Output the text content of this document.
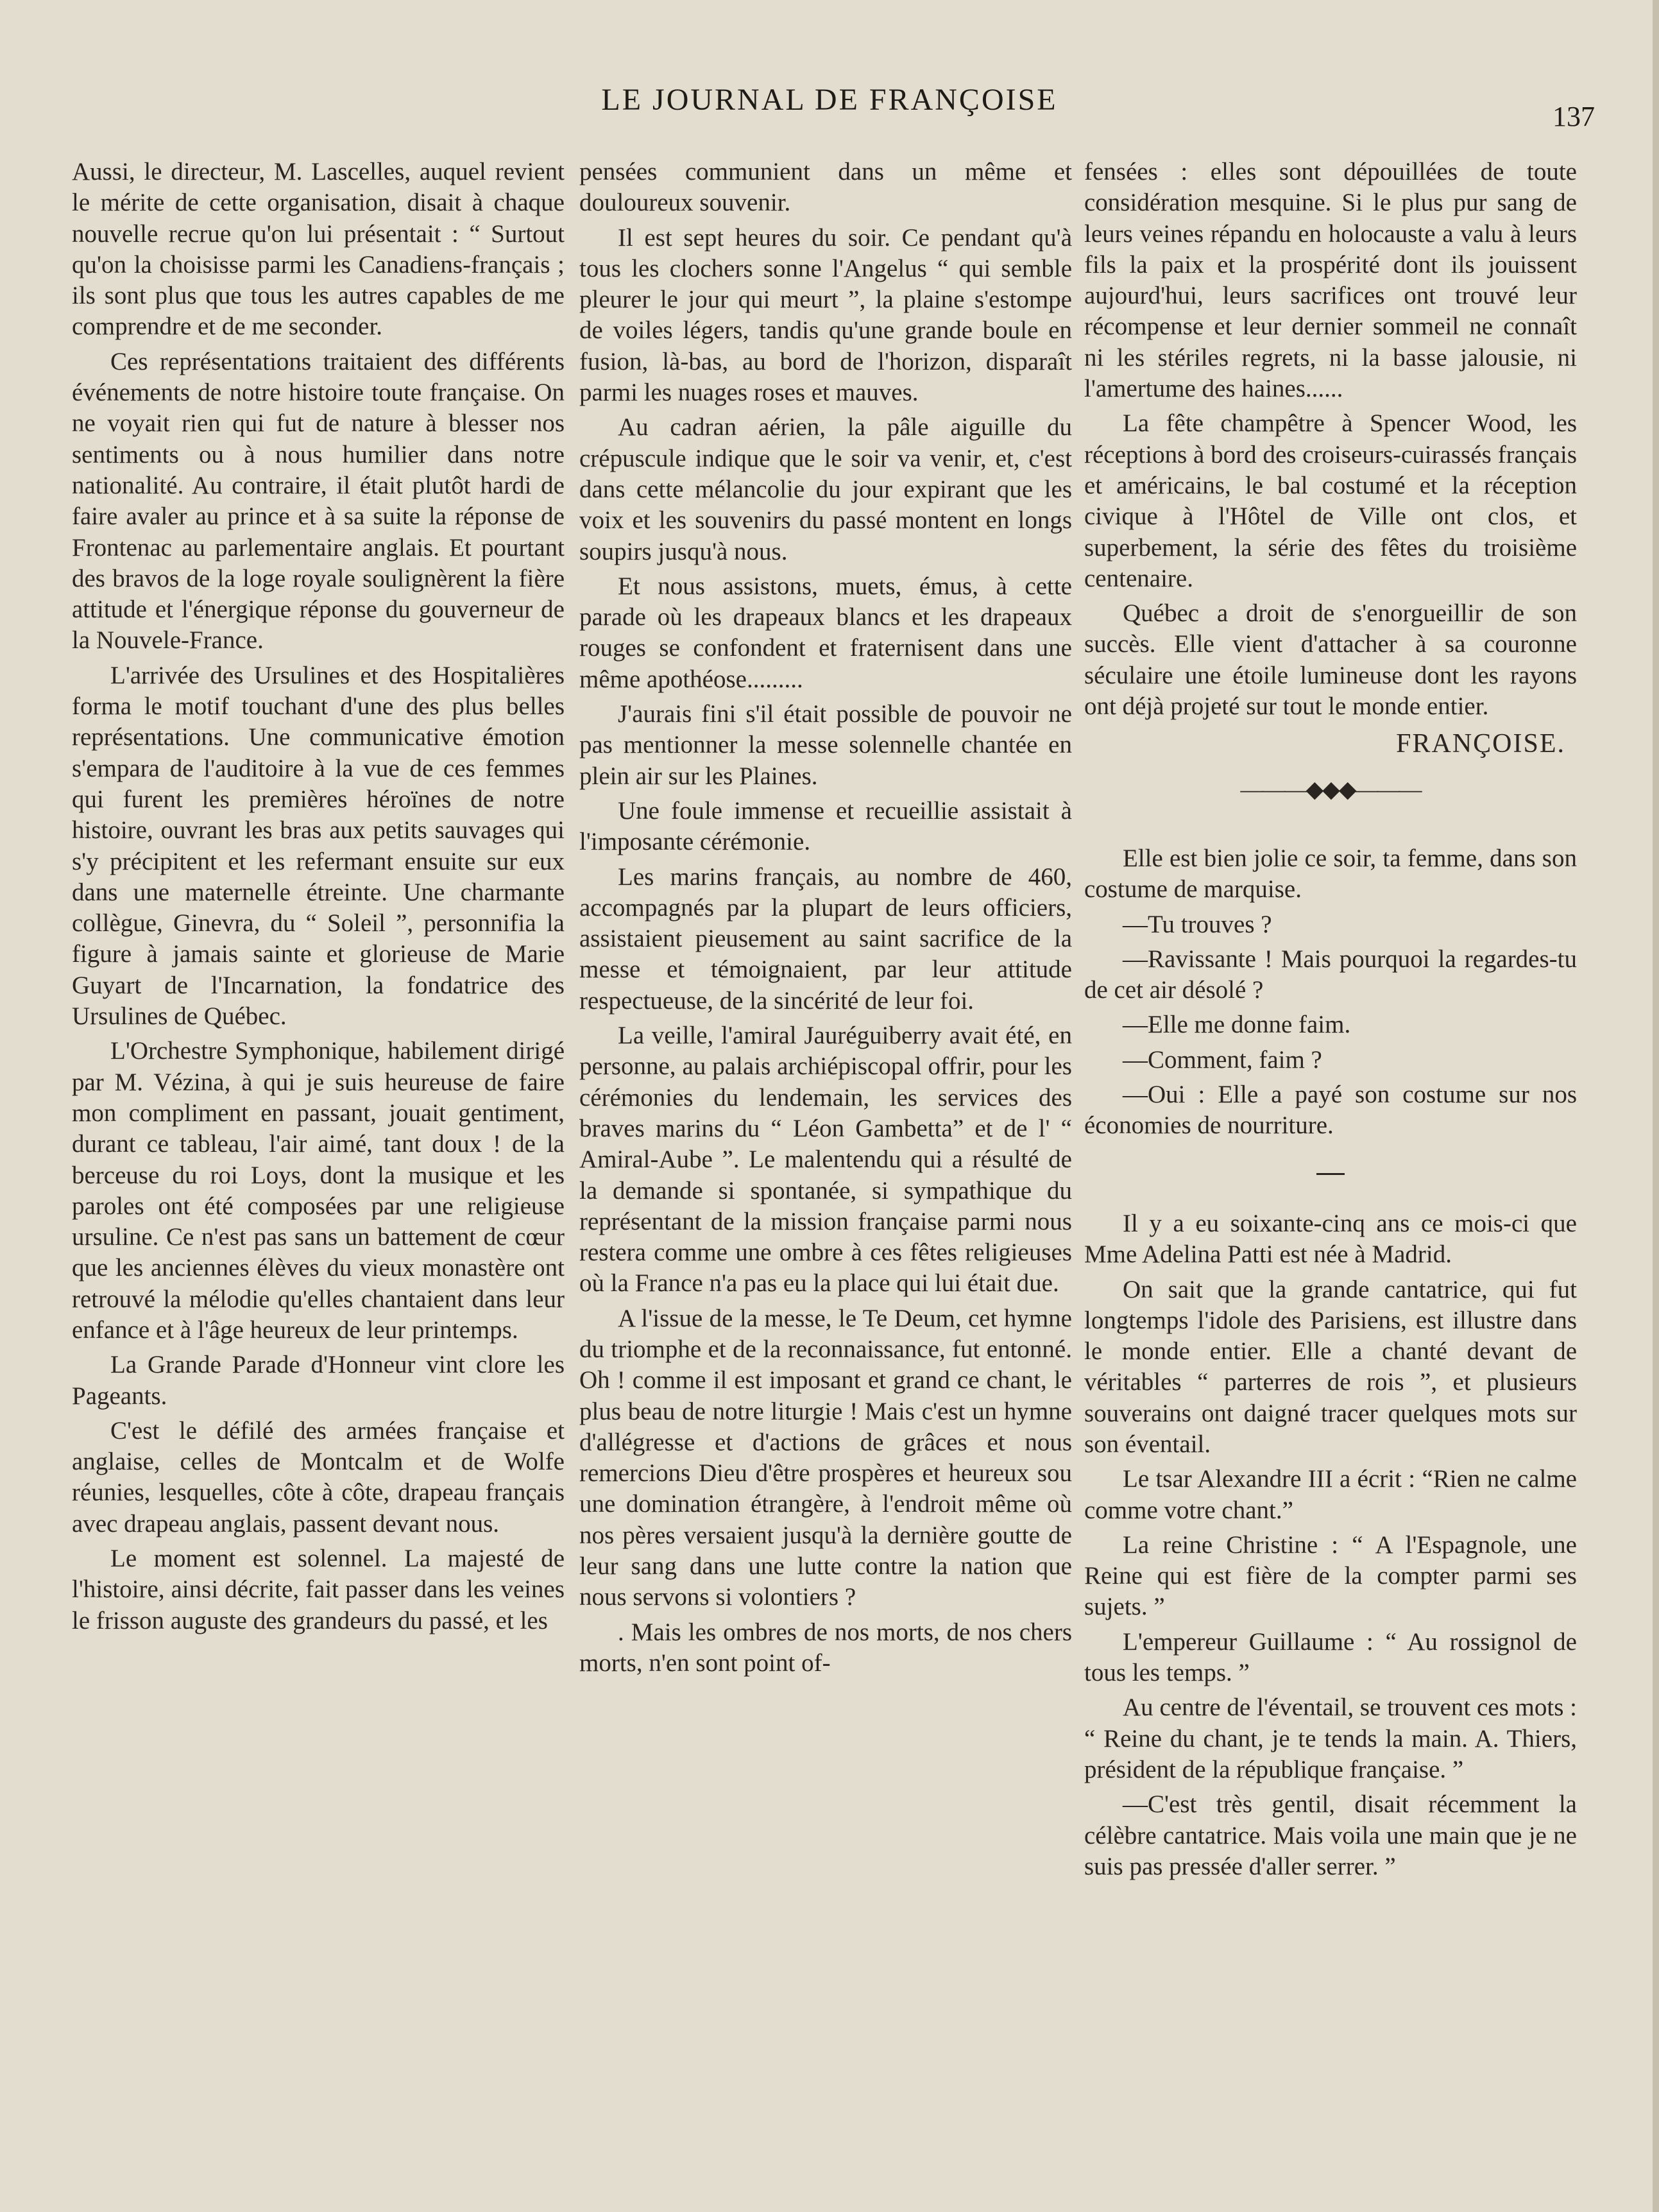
LE JOURNAL DE FRANÇOISE	137

Aussi, le directeur, M. Lascelles, auquel revient le mérite de cette organisation, disait à chaque nouvelle recrue qu'on lui présentait : “ Surtout qu'on la choisisse parmi les Canadiens-français ; ils sont plus que tous les autres capables de me comprendre et de me seconder.

Ces représentations traitaient des différents événements de notre histoire toute française. On ne voyait rien qui fut de nature à blesser nos sentiments ou à nous humilier dans notre nationalité. Au contraire, il était plutôt hardi de faire avaler au prince et à sa suite la réponse de Frontenac au parlementaire anglais. Et pourtant des bravos de la loge royale soulignèrent la fière attitude et l'énergique réponse du gouverneur de la Nouvele-France.

L'arrivée des Ursulines et des Hospitalières forma le motif touchant d'une des plus belles représentations. Une communicative émotion s'empara de l'auditoire à la vue de ces femmes qui furent les premières héroïnes de notre histoire, ouvrant les bras aux petits sauvages qui s'y précipitent et les refermant ensuite sur eux dans une maternelle étreinte. Une charmante collègue, Ginevra, du “ Soleil ”, personnifia la figure à jamais sainte et glorieuse de Marie Guyart de l'Incarnation, la fondatrice des Ursulines de Québec.

L'Orchestre Symphonique, habilement dirigé par M. Vézina, à qui je suis heureuse de faire mon compliment en passant, jouait gentiment, durant ce tableau, l'air aimé, tant doux ! de la berceuse du roi Loys, dont la musique et les paroles ont été composées par une religieuse ursuline. Ce n'est pas sans un battement de cœur que les anciennes élèves du vieux monastère ont retrouvé la mélodie qu'elles chantaient dans leur enfance et à l'âge heureux de leur printemps.

La Grande Parade d'Honneur vint clore les Pageants.

C'est le défilé des armées française et anglaise, celles de Montcalm et de Wolfe réunies, lesquelles, côte à côte, drapeau français avec drapeau anglais, passent devant nous.

Le moment est solennel. La majesté de l'histoire, ainsi décrite, fait passer dans les veines le frisson auguste des grandeurs du passé, et les

pensées communient dans un même et douloureux souvenir.

Il est sept heures du soir. Ce pendant qu'à tous les clochers sonne l'Angelus “ qui semble pleurer le jour qui meurt ”, la plaine s'estompe de voiles légers, tandis qu'une grande boule en fusion, là-bas, au bord de l'horizon, disparaît parmi les nuages roses et mauves.

Au cadran aérien, la pâle aiguille du crépuscule indique que le soir va venir, et, c'est dans cette mélancolie du jour expirant que les voix et les souvenirs du passé montent en longs soupirs jusqu'à nous.

Et nous assistons, muets, émus, à cette parade où les drapeaux blancs et les drapeaux rouges se confondent et fraternisent dans une même apothéose.........

J'aurais fini s'il était possible de pouvoir ne pas mentionner la messe solennelle chantée en plein air sur les Plaines.

Une foule immense et recueillie assistait à l'imposante cérémonie.

Les marins français, au nombre de 460, accompagnés par la plupart de leurs officiers, assistaient pieusement au saint sacrifice de la messe et témoignaient, par leur attitude respectueuse, de la sincérité de leur foi.

La veille, l'amiral Jauréguiberry avait été, en personne, au palais archiépiscopal offrir, pour les cérémonies du lendemain, les services des braves marins du “ Léon Gambetta” et de l' “ Amiral-Aube ”. Le malentendu qui a résulté de la demande si spontanée, si sympathique du représentant de la mission française parmi nous restera comme une ombre à ces fêtes religieuses où la France n'a pas eu la place qui lui était due.

A l'issue de la messe, le Te Deum, cet hymne du triomphe et de la reconnaissance, fut entonné. Oh ! comme il est imposant et grand ce chant, le plus beau de notre liturgie ! Mais c'est un hymne d'allégresse et d'actions de grâces et nous remercions Dieu d'être prospères et heureux sou une domination étrangère, à l'endroit même où nos pères versaient jusqu'à la dernière goutte de leur sang dans une lutte contre la nation que nous servons si volontiers ?

. Mais les ombres de nos morts, de nos chers morts, n'en sont point of-

fensées : elles sont dépouillées de toute considération mesquine. Si le plus pur sang de leurs veines répandu en holocauste a valu à leurs fils la paix et la prospérité dont ils jouissent aujourd'hui, leurs sacrifices ont trouvé leur récompense et leur dernier sommeil ne connaît ni les stériles regrets, ni la basse jalousie, ni l'amertume des haines......

La fête champêtre à Spencer Wood, les réceptions à bord des croiseurs-cuirassés français et américains, le bal costumé et la réception civique à l'Hôtel de Ville ont clos, et superbement, la série des fêtes du troisième centenaire.

Québec a droit de s'enorgueillir de son succès. Elle vient d'attacher à sa couronne séculaire une étoile lumineuse dont les rayons ont déjà projeté sur tout le monde entier.

FRANÇOISE.
———◆◆◆———

Elle est bien jolie ce soir, ta femme, dans son costume de marquise.

—Tu trouves ?

—Ravissante ! Mais pourquoi la regardes-tu de cet air désolé ?

—Elle me donne faim.

—Comment, faim ?

—Oui : Elle a payé son costume sur nos économies de nourriture.

Il y a eu soixante-cinq ans ce mois-ci que Mme Adelina Patti est née à Madrid.

On sait que la grande cantatrice, qui fut longtemps l'idole des Parisiens, est illustre dans le monde entier. Elle a chanté devant de véritables “ parterres de rois ”, et plusieurs souverains ont daigné tracer quelques mots sur son éventail.

Le tsar Alexandre III a écrit : “Rien ne calme comme votre chant.”

La reine Christine : “ A l'Espagnole, une Reine qui est fière de la compter parmi ses sujets. ”

L'empereur Guillaume : “ Au rossignol de tous les temps. ”

Au centre de l'éventail, se trouvent ces mots : “ Reine du chant, je te tends la main. A. Thiers, président de la république française. ”

—C'est très gentil, disait récemment la célèbre cantatrice. Mais voila une main que je ne suis pas pressée d'aller serrer. ”
